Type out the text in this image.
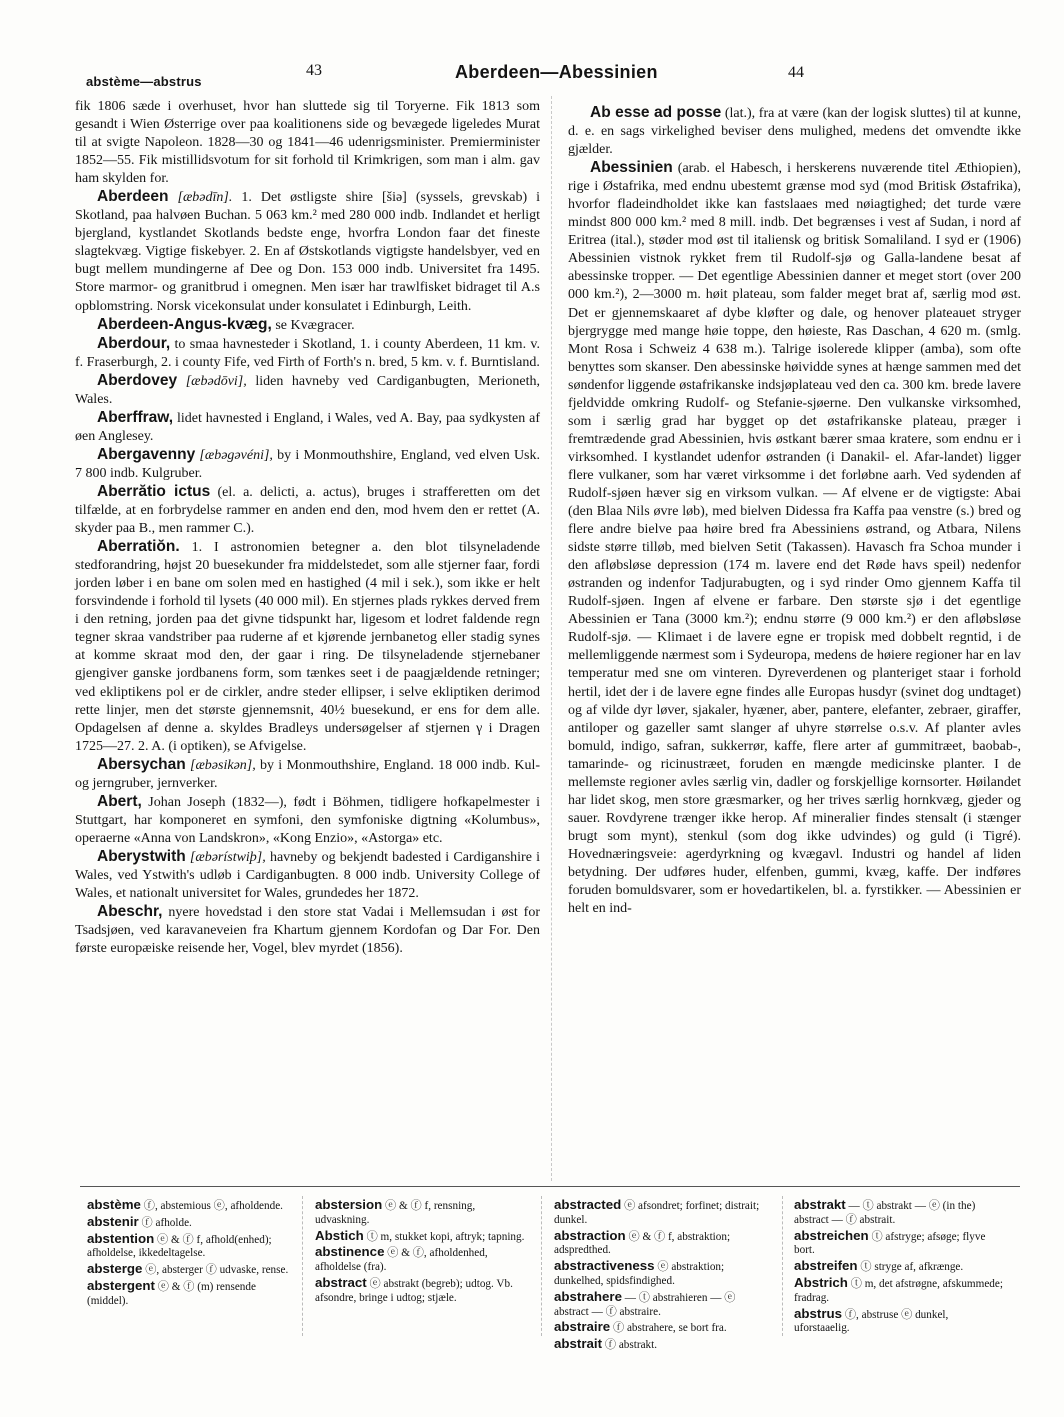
abstème—abstrus
43	Aberdeen—Abessinien	44

fik 1806 sæde i overhuset, hvor han sluttede sig til Toryerne. Fik 1813 som gesandt i Wien Østerrige over paa koalitionens side og bevægede ligeledes Murat til at svigte Napoleon. 1828—30 og 1841—46 udenrigsminister. Premierminister 1852—55. Fik mistillidsvotum for sit forhold til Krimkrigen, som man i alm. gav ham skylden for.

Aberdeen [æbədīn]. 1. Det østligste shire [šiə] (syssels, grevskab) i Skotland, paa halvøen Buchan. 5 063 km.² med 280 000 indb. Indlandet et herligt bjergland, kystlandet Skotlands bedste enge, hvorfra London faar det fineste slagtekvæg. Vigtige fiskebyer. 2. En af Østskotlands vigtigste handelsbyer, ved en bugt mellem mundingerne af Dee og Don. 153 000 indb. Universitet fra 1495. Store marmor- og granitbrud i omegnen. Men især har trawlfisket bidraget til A.s opblomstring. Norsk vicekonsulat under konsulatet i Edinburgh, Leith.

Aberdeen-Angus-kvæg, se Kvægracer.

Aberdour, to smaa havnesteder i Skotland, 1. i county Aberdeen, 11 km. v. f. Fraserburgh, 2. i county Fife, ved Firth of Forth's n. bred, 5 km. v. f. Burntisland.

Aberdovey [æbədōvi], liden havneby ved Cardiganbugten, Merioneth, Wales.

Aberffraw, lidet havnested i England, i Wales, ved A. Bay, paa sydkysten af øen Anglesey.

Abergavenny [æbəgəvéni], by i Monmouthshire, England, ved elven Usk. 7 800 indb. Kulgruber.

Aberrătio ictus (el. a. delicti, a. actus), bruges i strafferetten om det tilfælde, at en forbrydelse rammer en anden end den, mod hvem den er rettet (A. skyder paa B., men rammer C.).

Aberratiŏn. 1. I astronomien betegner a. den blot tilsyneladende stedforandring, højst 20 buesekunder fra middelstedet, som alle stjerner faar, fordi jorden løber i en bane om solen med en hastighed (4 mil i sek.), som ikke er helt forsvindende i forhold til lysets (40 000 mil). En stjernes plads rykkes derved frem i den retning, jorden paa det givne tidspunkt har, ligesom et lodret faldende regn tegner skraa vandstriber paa ruderne af et kjørende jernbanetog eller stadig synes at komme skraat mod den, der gaar i ring. De tilsyneladende stjernebaner gjengiver ganske jordbanens form, som tænkes seet i de paagjældende retninger; ved ekliptikens pol er de cirkler, andre steder ellipser, i selve ekliptiken derimod rette linjer, men det største gjennemsnit, 40½ buesekund, er ens for dem alle. Opdagelsen af denne a. skyldes Bradleys undersøgelser af stjernen γ i Dragen 1725—27. 2. A. (i optiken), se Afvigelse.

Abersychan [æbəsikən], by i Monmouthshire, England. 18 000 indb. Kul- og jerngruber, jernverker.

Abert, Johan Joseph (1832—), født i Böhmen, tidligere hofkapelmester i Stuttgart, har komponeret en symfoni, den symfoniske digtning «Kolumbus», operaerne «Anna von Landskron», «Kong Enzio», «Astorga» etc.

Aberystwith [æbərístwiþ], havneby og bekjendt badested i Cardiganshire i Wales, ved Ystwith's udløb i Cardiganbugten. 8 000 indb. University College of Wales, et nationalt universitet for Wales, grundedes her 1872.

Abeschr, nyere hovedstad i den store stat Vadai i Mellemsudan i øst for Tsadsjøen, ved karavaneveien fra Khartum gjennem Kordofan og Dar For. Den første europæiske reisende her, Vogel, blev myrdet (1856).

Ab esse ad posse (lat.), fra at være (kan der logisk sluttes) til at kunne, d. e. en sags virkelighed beviser dens mulighed, medens det omvendte ikke gjælder.

Abessinien (arab. el Habesch, i herskerens nuværende titel Æthiopien), rige i Østafrika, med endnu ubestemt grænse mod syd (mod Britisk Østafrika), hvorfor fladeindholdet ikke kan fastslaaes med nøiagtighed; det turde være mindst 800 000 km.² med 8 mill. indb. Det begrænses i vest af Sudan, i nord af Eritrea (ital.), støder mod øst til italiensk og britisk Somaliland. I syd er (1906) Abessinien vistnok rykket frem til Rudolf-sjø og Galla-landene besat af abessinske tropper. — Det egentlige Abessinien danner et meget stort (over 200 000 km.²), 2—3000 m. høit plateau, som falder meget brat af, særlig mod øst. Det er gjennemskaaret af dybe kløfter og dale, og henover plateauet stryger bjergrygge med mange høie toppe, den høieste, Ras Daschan, 4 620 m. (smlg. Mont Rosa i Schweiz 4 638 m.). Talrige isolerede klipper (amba), som ofte benyttes som skanser. Den abessinske høividde synes at hænge sammen med det søndenfor liggende østafrikanske indsjøplateau ved den ca. 300 km. brede lavere fjeldvidde omkring Rudolf- og Stefanie-sjøerne. Den vulkanske virksomhed, som i særlig grad har bygget op det østafrikanske plateau, præger i fremtrædende grad Abessinien, hvis østkant bærer smaa kratere, som endnu er i virksomhed. I kystlandet udenfor østranden (i Danakil- el. Afar-landet) ligger flere vulkaner, som har været virksomme i det forløbne aarh. Ved sydenden af Rudolf-sjøen hæver sig en virksom vulkan. — Af elvene er de vigtigste: Abai (den Blaa Nils øvre løb), med bielven Didessa fra Kaffa paa venstre (s.) bred og flere andre bielve paa høire bred fra Abessiniens østrand, og Atbara, Nilens sidste større tilløb, med bielven Setit (Takassen). Havasch fra Schoa munder i den afløbsløse depression (174 m. lavere end det Røde havs speil) nedenfor østranden og indenfor Tadjurabugten, og i syd rinder Omo gjennem Kaffa til Rudolf-sjøen. Ingen af elvene er farbare. Den største sjø i det egentlige Abessinien er Tana (3000 km.²); endnu større (9 000 km.²) er den afløbsløse Rudolf-sjø. — Klimaet i de lavere egne er tropisk med dobbelt regntid, i de mellemliggende nærmest som i Sydeuropa, medens de høiere regioner har en lav temperatur med sne om vinteren. Dyreverdenen og planteriget staar i forhold hertil, idet der i de lavere egne findes alle Europas husdyr (svinet dog undtaget) og af vilde dyr løver, sjakaler, hyæner, aber, pantere, elefanter, zebraer, giraffer, antiloper og gazeller samt slanger af uhyre størrelse o.s.v. Af planter avles bomuld, indigo, safran, sukkerrør, kaffe, flere arter af gummitræet, baobab-, tamarinde- og ricinustræet, foruden en mængde medicinske planter. I de mellemste regioner avles særlig vin, dadler og forskjellige kornsorter. Høilandet har lidet skog, men store græsmarker, og her trives særlig hornkvæg, gjeder og sauer. Rovdyrene trænger ikke herop. Af mineralier findes stensalt (i stænger brugt som mynt), stenkul (som dog ikke udvindes) og guld (i Tigré). Hovednæringsveie: agerdyrkning og kvægavl. Industri og handel af liden betydning. Der udføres huder, elfenben, gummi, kvæg, kaffe. Der indføres foruden bomuldsvarer, som er hovedartikelen, bl. a. fyrstikker. — Abessinien er helt en ind-

abstème ⓕ, abstemious ⓔ, afholdende.

abstenir ⓕ afholde.

abstention ⓔ & ⓕ f, afhold(enhed); afholdelse, ikkedeltagelse.

absterge ⓔ, absterger ⓕ udvaske, rense.

abstergent ⓔ & ⓕ (m) rensende (middel).

abstersion ⓔ & ⓕ f, rensning, udvaskning.

Abstich ⓣ m, stukket kopi, aftryk; tapning.

abstinence ⓔ & ⓕ, afholdenhed, afholdelse (fra).

abstract ⓔ abstrakt (begreb); udtog. Vb. afsondre, bringe i udtog; stjæle.

abstracted ⓔ afsondret; forfinet; distrait; dunkel.

abstraction ⓔ & ⓕ f, abstraktion; adspredthed.

abstractiveness ⓔ abstraktion; dunkelhed, spidsfindighed.

abstrahere — ⓣ abstrahieren — ⓔ abstract — ⓕ abstraire.

abstraire ⓕ abstrahere, se bort fra.

abstrait ⓕ abstrakt.

abstrakt — ⓣ abstrakt — ⓔ (in the) abstract — ⓕ abstrait.

abstreichen ⓣ afstryge; afsøge; flyve bort.

abstreifen ⓣ stryge af, afkrænge.

Abstrich ⓣ m, det afstrøgne, afskummede; fradrag.

abstrus ⓕ, abstruse ⓔ dunkel, uforstaaelig.
